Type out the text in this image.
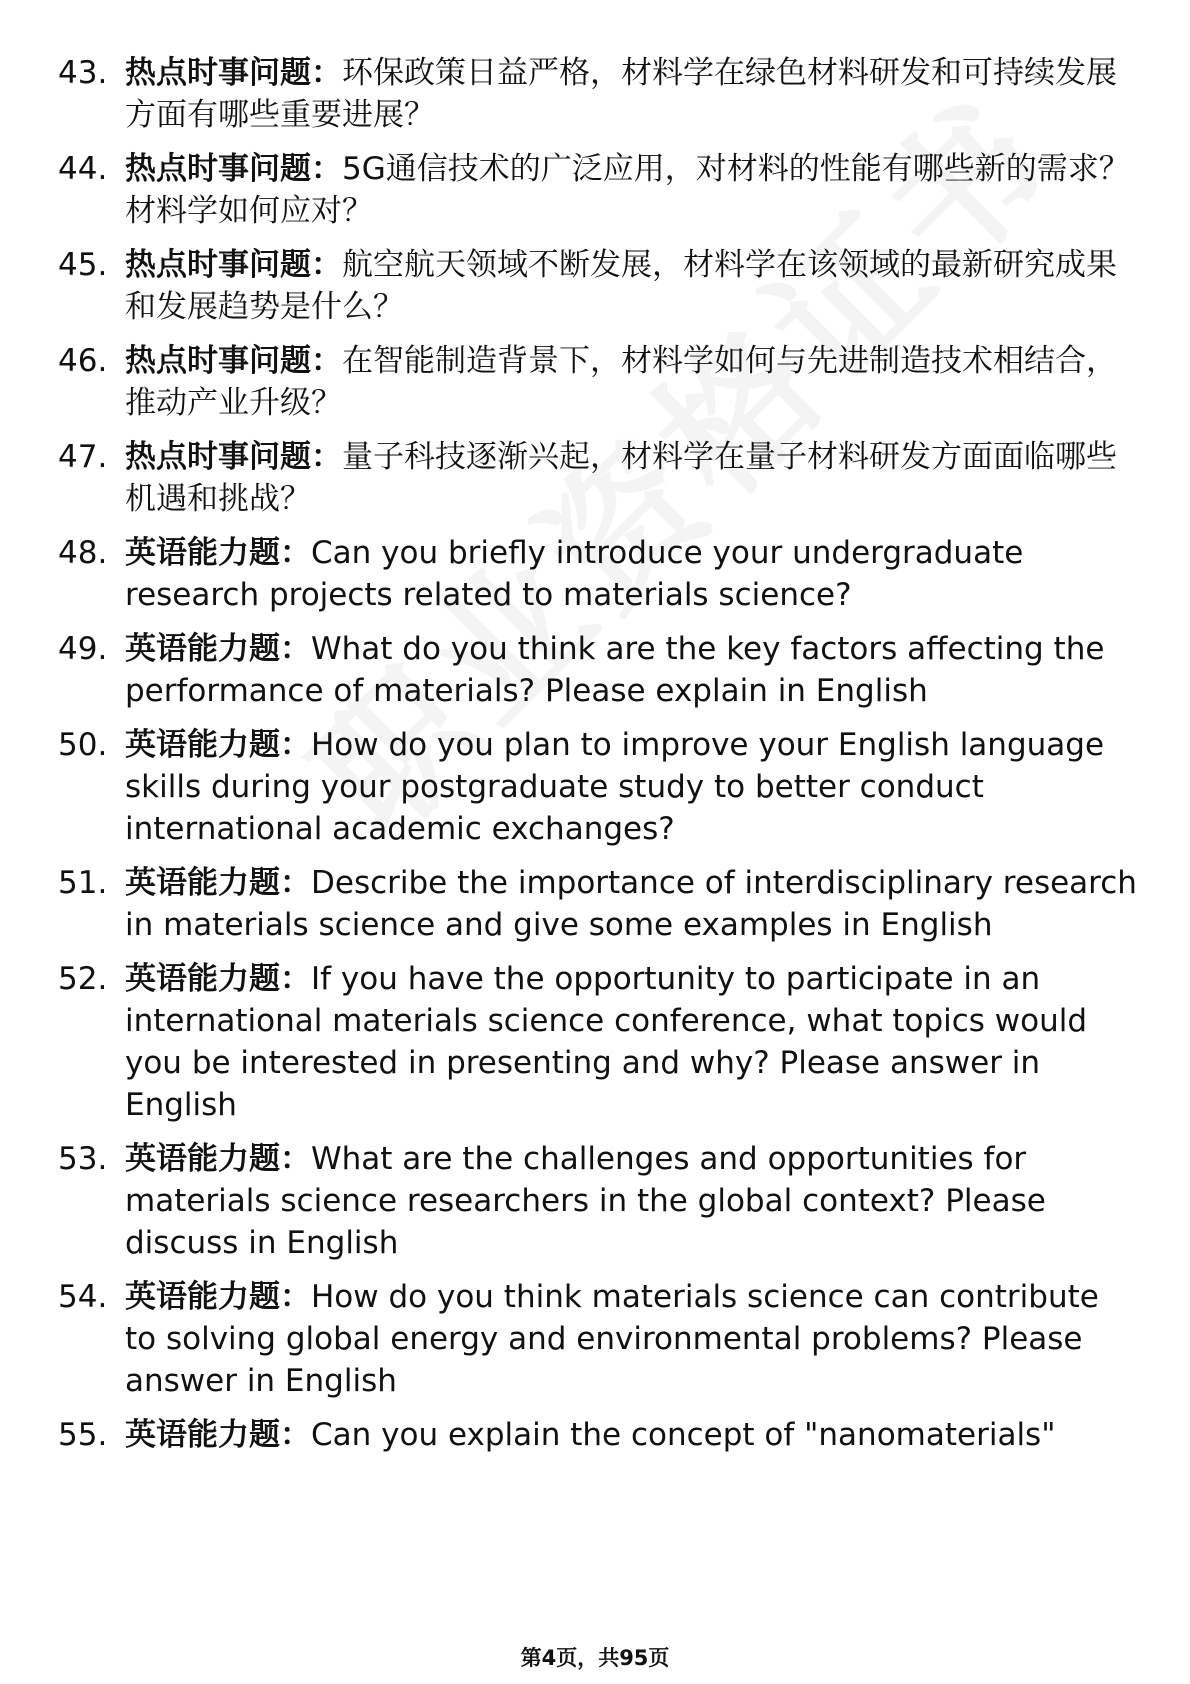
43. 热点时事问题：环保政策日益严格，材料学在绿色材料研发和可持续发展方面有哪些重要进展？
44. 热点时事问题：5G通信技术的广泛应用，对材料的性能有哪些新的需求？材料学如何应对？
45. 热点时事问题：航空航天领域不断发展，材料学在该领域的最新研究成果和发展趋势是什么？
46. 热点时事问题：在智能制造背景下，材料学如何与先进制造技术相结合，推动产业升级？
47. 热点时事问题：量子科技逐渐兴起，材料学在量子材料研发方面面临哪些机遇和挑战？
48. 英语能力题：Can you briefly introduce your undergraduate research projects related to materials science?
49. 英语能力题：What do you think are the key factors affecting the performance of materials? Please explain in English
50. 英语能力题：How do you plan to improve your English language skills during your postgraduate study to better conduct international academic exchanges?
51. 英语能力题：Describe the importance of interdisciplinary research in materials science and give some examples in English
52. 英语能力题：If you have the opportunity to participate in an international materials science conference, what topics would you be interested in presenting and why? Please answer in English
53. 英语能力题：What are the challenges and opportunities for materials science researchers in the global context? Please discuss in English
54. 英语能力题：How do you think materials science can contribute to solving global energy and environmental problems? Please answer in English
55. 英语能力题：Can you explain the concept of "nanomaterials"
第4页，共95页
